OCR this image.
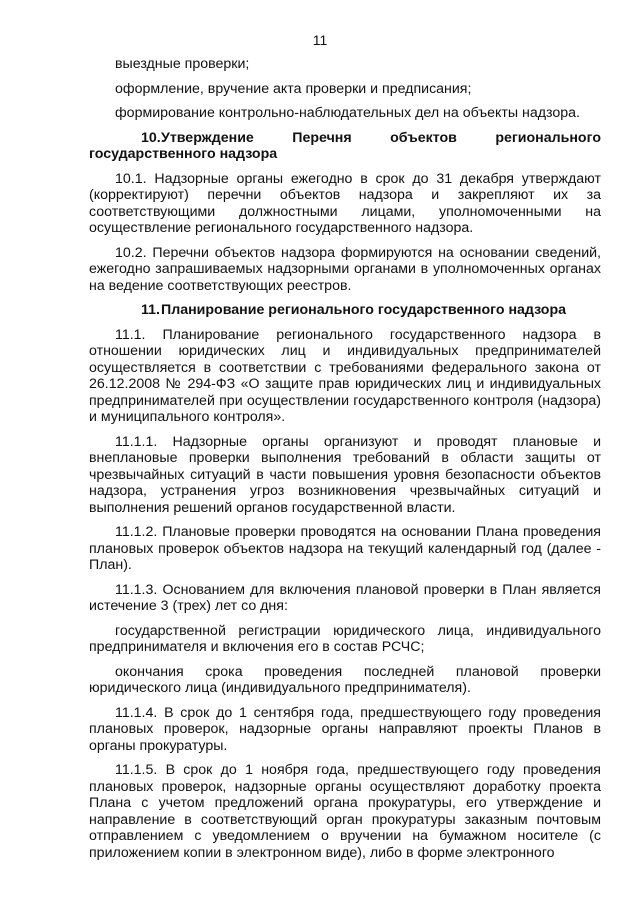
11

выездные проверки;

оформление, вручение акта проверки и предписания;

формирование контрольно-наблюдательных дел на объекты надзора.

10.Утверждение Перечня объектов регионального государственного надзора

10.1. Надзорные органы ежегодно в срок до 31 декабря утверждают (корректируют) перечни объектов надзора и закрепляют их за соответствующими должностными лицами, уполномоченными на осуществление регионального государственного надзора.

10.2. Перечни объектов надзора формируются на основании сведений, ежегодно запрашиваемых надзорными органами в уполномоченных органах на ведение соответствующих реестров.

11.Планирование регионального государственного надзора

11.1. Планирование регионального государственного надзора в отношении юридических лиц и индивидуальных предпринимателей осуществляется в соответствии с требованиями федерального закона от 26.12.2008 № 294-ФЗ «О защите прав юридических лиц и индивидуальных предпринимателей при осуществлении государственного контроля (надзора) и муниципального контроля».

11.1.1. Надзорные органы организуют и проводят плановые и внеплановые проверки выполнения требований в области защиты от чрезвычайных ситуаций в части повышения уровня безопасности объектов надзора, устранения угроз возникновения чрезвычайных ситуаций и выполнения решений органов государственной власти.

11.1.2. Плановые проверки проводятся на основании Плана проведения плановых проверок объектов надзора на текущий календарный год (далее - План).

11.1.3. Основанием для включения плановой проверки в План является истечение 3 (трех) лет со дня:

государственной регистрации юридического лица, индивидуального предпринимателя и включения его в состав РСЧС;

окончания срока проведения последней плановой проверки юридического лица (индивидуального предпринимателя).

11.1.4. В срок до 1 сентября года, предшествующего году проведения плановых проверок, надзорные органы направляют проекты Планов в органы прокуратуры.

11.1.5. В срок до 1 ноября года, предшествующего году проведения плановых проверок, надзорные органы осуществляют доработку проекта Плана с учетом предложений органа прокуратуры, его утверждение и направление в соответствующий орган прокуратуры заказным почтовым отправлением с уведомлением о вручении на бумажном носителе (с приложением копии в электронном виде), либо в форме электронного
